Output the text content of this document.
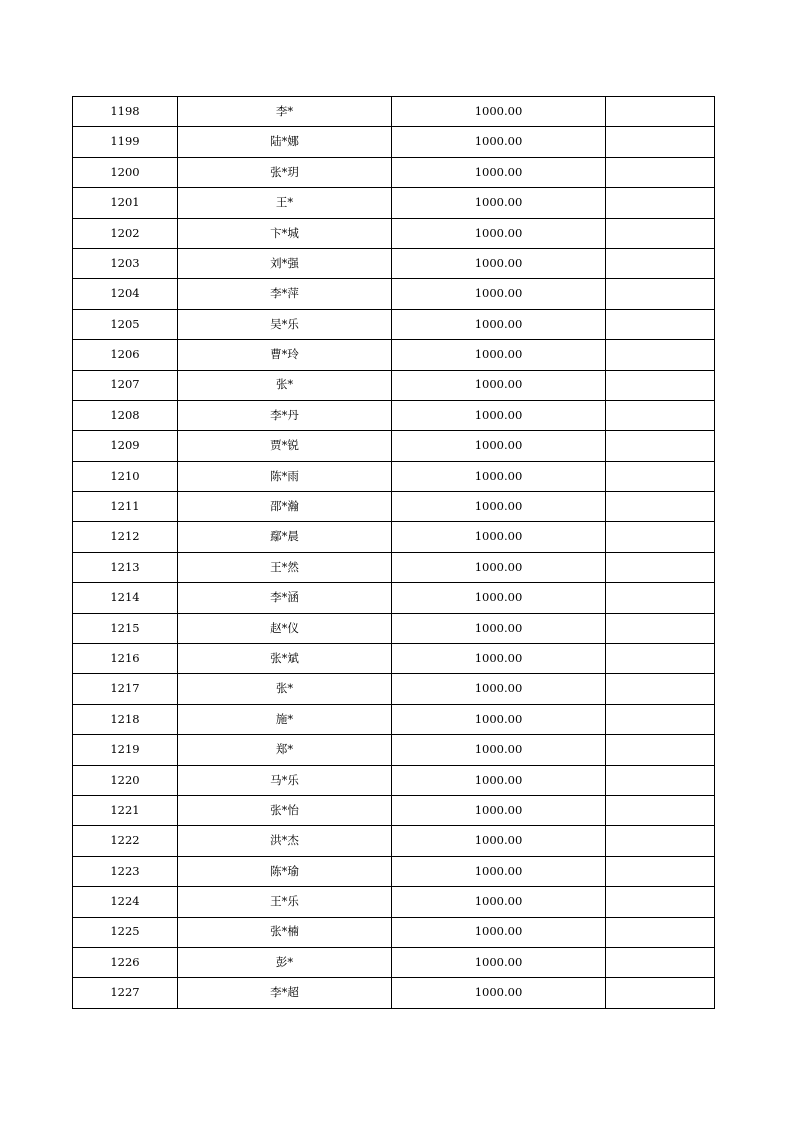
1198	李*	1000.00	
1199	陆*娜	1000.00	
1200	张*玥	1000.00	
1201	王*	1000.00	
1202	卞*城	1000.00	
1203	刘*强	1000.00	
1204	李*萍	1000.00	
1205	吴*乐	1000.00	
1206	曹*玲	1000.00	
1207	张*	1000.00	
1208	李*丹	1000.00	
1209	贾*锐	1000.00	
1210	陈*雨	1000.00	
1211	邵*瀚	1000.00	
1212	鄢*晨	1000.00	
1213	王*然	1000.00	
1214	李*涵	1000.00	
1215	赵*仪	1000.00	
1216	张*斌	1000.00	
1217	张*	1000.00	
1218	施*	1000.00	
1219	郑*	1000.00	
1220	马*乐	1000.00	
1221	张*怡	1000.00	
1222	洪*杰	1000.00	
1223	陈*瑜	1000.00	
1224	王*乐	1000.00	
1225	张*楠	1000.00	
1226	彭*	1000.00	
1227	李*超	1000.00	
